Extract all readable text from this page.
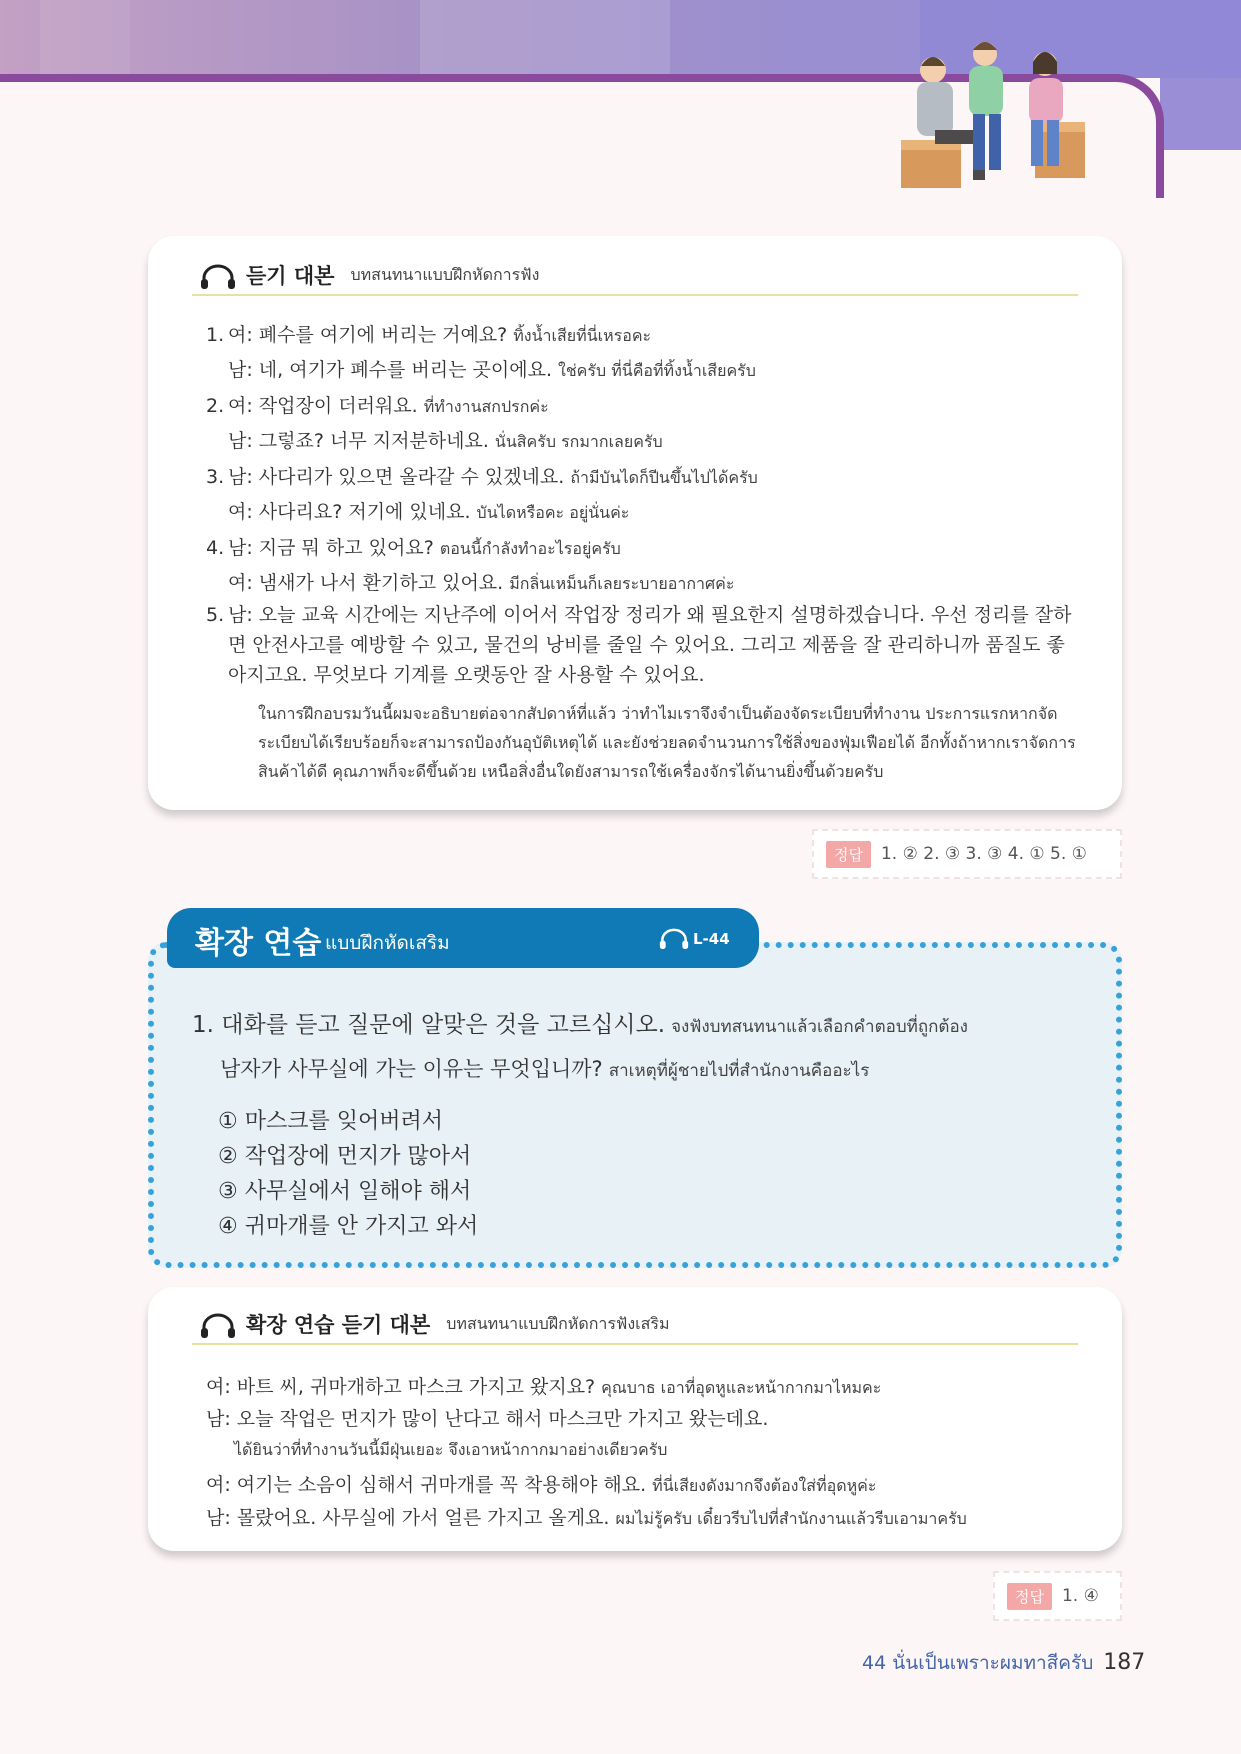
듣기 대본 บทสนทนาแบบฝึกหัดการฟัง
1. 여: 폐수를 여기에 버리는 거예요? ทิ้งน้ำเสียที่นี่เหรอคะ
남: 네, 여기가 폐수를 버리는 곳이에요. ใช่ครับ ที่นี่คือที่ทิ้งน้ำเสียครับ
2. 여: 작업장이 더러워요. ที่ทำงานสกปรกค่ะ
남: 그렇죠? 너무 지저분하네요. นั่นสิครับ รกมากเลยครับ
3. 남: 사다리가 있으면 올라갈 수 있겠네요. ถ้ามีบันไดก็ปีนขึ้นไปได้ครับ
여: 사다리요? 저기에 있네요. บันไดหรือคะ อยู่นั่นค่ะ
4. 남: 지금 뭐 하고 있어요? ตอนนี้กำลังทำอะไรอยู่ครับ
여: 냄새가 나서 환기하고 있어요. มีกลิ่นเหม็นก็เลยระบายอากาศค่ะ
5. 남: 오늘 교육 시간에는 지난주에 이어서 작업장 정리가 왜 필요한지 설명하겠습니다. 우선 정리를 잘하면 안전사고를 예방할 수 있고, 물건의 낭비를 줄일 수 있어요. 그리고 제품을 잘 관리하니까 품질도 좋아지고요. 무엇보다 기계를 오랫동안 잘 사용할 수 있어요.
ในการฝึกอบรมวันนี้ผมจะอธิบายต่อจากสัปดาห์ที่แล้ว ว่าทำไมเราจึงจำเป็นต้องจัดระเบียบที่ทำงาน ประการแรกหากจัดระเบียบได้เรียบร้อยก็จะสามารถป้องกันอุบัติเหตุได้ และยังช่วยลดจำนวนการใช้สิ่งของฟุ่มเฟือยได้ อีกทั้งถ้าหากเราจัดการสินค้าได้ดี คุณภาพก็จะดีขึ้นด้วย เหนือสิ่งอื่นใดยังสามารถใช้เครื่องจักรได้นานยิ่งขึ้นด้วยครับ
정답	1. ② 2. ③ 3. ③ 4. ① 5. ①
확장 연습 แบบฝึกหัดเสริม	L-44
1. 대화를 듣고 질문에 알맞은 것을 고르십시오. จงฟังบทสนทนาแล้วเลือกคำตอบที่ถูกต้อง
남자가 사무실에 가는 이유는 무엇입니까? สาเหตุที่ผู้ชายไปที่สำนักงานคืออะไร
① 마스크를 잊어버려서
② 작업장에 먼지가 많아서
③ 사무실에서 일해야 해서
④ 귀마개를 안 가지고 와서
확장 연습 듣기 대본 บทสนทนาแบบฝึกหัดการฟังเสริม
여: 바트 씨, 귀마개하고 마스크 가지고 왔지요? คุณบาธ เอาที่อุดหูและหน้ากากมาไหมคะ
남: 오늘 작업은 먼지가 많이 난다고 해서 마스크만 가지고 왔는데요.
ได้ยินว่าที่ทำงานวันนี้มีฝุ่นเยอะ จึงเอาหน้ากากมาอย่างเดียวครับ
여: 여기는 소음이 심해서 귀마개를 꼭 착용해야 해요. ที่นี่เสียงดังมากจึงต้องใส่ที่อุดหูค่ะ
남: 몰랐어요. 사무실에 가서 얼른 가지고 올게요. ผมไม่รู้ครับ เดี๋ยวรีบไปที่สำนักงานแล้วรีบเอามาครับ
정답	1. ④
44 นั่นเป็นเพราะผมทาสีครับ 187
